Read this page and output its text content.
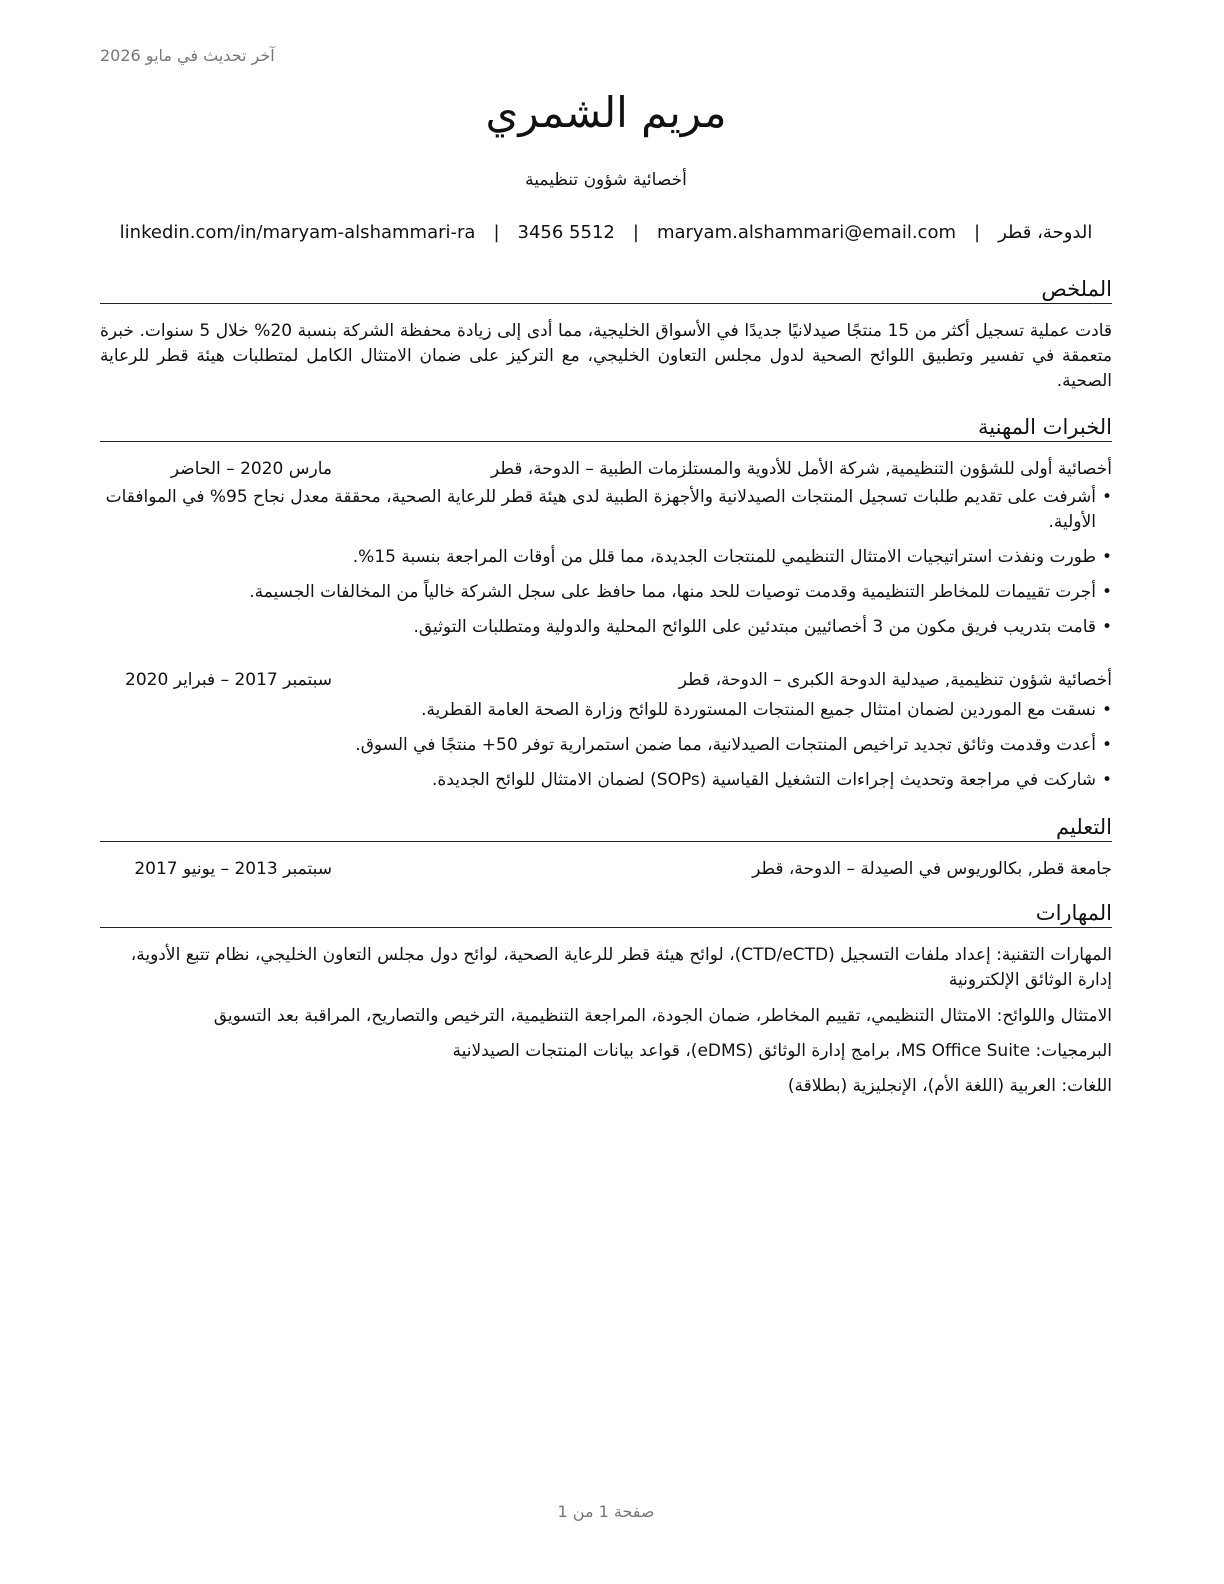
آخر تحديث في مايو 2026
مريم الشمري
أخصائية شؤون تنظيمية
الدوحة، قطر
|
maryam.alshammari@email.com
|
3456 5512
|
linkedin.com/in/maryam-alshammari-ra
الملخص
قادت عملية تسجيل أكثر من 15 منتجًا صيدلانيًا جديدًا في الأسواق الخليجية، مما أدى إلى زيادة محفظة الشركة بنسبة 20% خلال 5 سنوات. خبرة متعمقة في تفسير وتطبيق اللوائح الصحية لدول مجلس التعاون الخليجي، مع التركيز على ضمان الامتثال الكامل لمتطلبات هيئة قطر للرعاية الصحية.
الخبرات المهنية
أخصائية أولى للشؤون التنظيمية, شركة الأمل للأدوية والمستلزمات الطبية – الدوحة، قطر
مارس 2020 – الحاضر
• أشرفت على تقديم طلبات تسجيل المنتجات الصيدلانية والأجهزة الطبية لدى هيئة قطر للرعاية الصحية، محققة معدل نجاح 95% في الموافقات الأولية.
• طورت ونفذت استراتيجيات الامتثال التنظيمي للمنتجات الجديدة، مما قلل من أوقات المراجعة بنسبة 15%.
• أجرت تقييمات للمخاطر التنظيمية وقدمت توصيات للحد منها، مما حافظ على سجل الشركة خالياً من المخالفات الجسيمة.
• قامت بتدريب فريق مكون من 3 أخصائيين مبتدئين على اللوائح المحلية والدولية ومتطلبات التوثيق.
أخصائية شؤون تنظيمية, صيدلية الدوحة الكبرى – الدوحة، قطر
سبتمبر 2017 – فبراير 2020
• نسقت مع الموردين لضمان امتثال جميع المنتجات المستوردة للوائح وزارة الصحة العامة القطرية.
• أعدت وقدمت وثائق تجديد تراخيص المنتجات الصيدلانية، مما ضمن استمرارية توفر 50+ منتجًا في السوق.
• شاركت في مراجعة وتحديث إجراءات التشغيل القياسية (SOPs) لضمان الامتثال للوائح الجديدة.
التعليم
جامعة قطر, بكالوريوس في الصيدلة – الدوحة، قطر
سبتمبر 2013 – يونيو 2017
المهارات
المهارات التقنية: إعداد ملفات التسجيل (CTD/eCTD)، لوائح هيئة قطر للرعاية الصحية، لوائح دول مجلس التعاون الخليجي، نظام تتبع الأدوية، إدارة الوثائق الإلكترونية
الامتثال واللوائح: الامتثال التنظيمي، تقييم المخاطر، ضمان الجودة، المراجعة التنظيمية، الترخيص والتصاريح، المراقبة بعد التسويق
البرمجيات: MS Office Suite، برامج إدارة الوثائق (eDMS)، قواعد بيانات المنتجات الصيدلانية
اللغات: العربية (اللغة الأم)، الإنجليزية (بطلاقة)
صفحة 1 من 1
